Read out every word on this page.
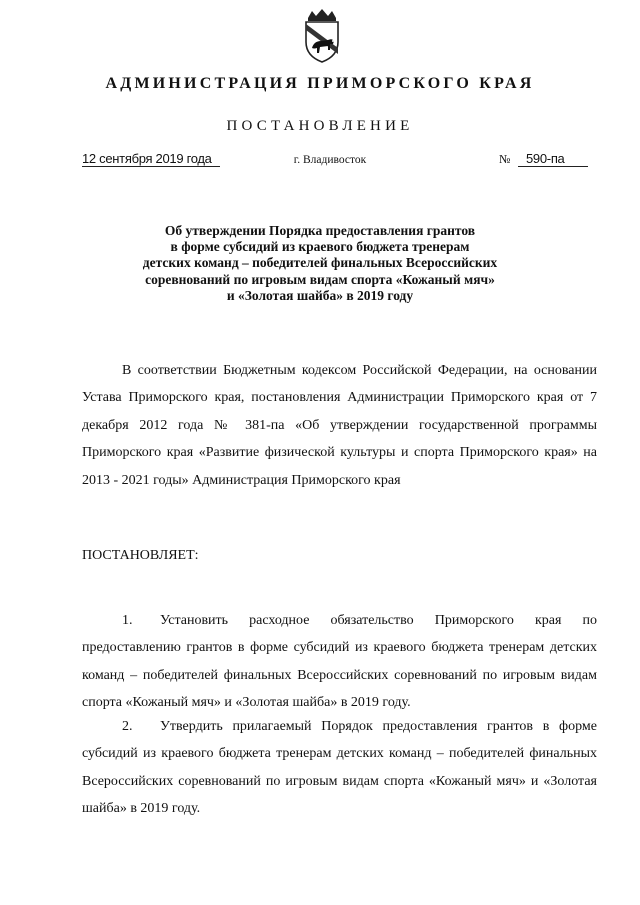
АДМИНИСТРАЦИЯ ПРИМОРСКОГО КРАЯ
ПОСТАНОВЛЕНИЕ
12 сентября 2019 года	г. Владивосток	№	590-па
Об утверждении Порядка предоставления грантов
в форме субсидий из краевого бюджета тренерам
детских команд – победителей финальных Всероссийских
соревнований по игровым видам спорта «Кожаный мяч»
и «Золотая шайба» в 2019 году
В соответствии Бюджетным кодексом Российской Федерации, на основании Устава Приморского края, постановления Администрации Приморского края от 7 декабря 2012 года № 381-па «Об утверждении государственной программы Приморского края «Развитие физической культуры и спорта Приморского края» на 2013 - 2021 годы» Администрация Приморского края
ПОСТАНОВЛЯЕТ:
1. Установить расходное обязательство Приморского края по предоставлению грантов в форме субсидий из краевого бюджета тренерам детских команд – победителей финальных Всероссийских соревнований по игровым видам спорта «Кожаный мяч» и «Золотая шайба» в 2019 году.
2. Утвердить прилагаемый Порядок предоставления грантов в форме субсидий из краевого бюджета тренерам детских команд – победителей финальных Всероссийских соревнований по игровым видам спорта «Кожаный мяч» и «Золотая шайба» в 2019 году.
